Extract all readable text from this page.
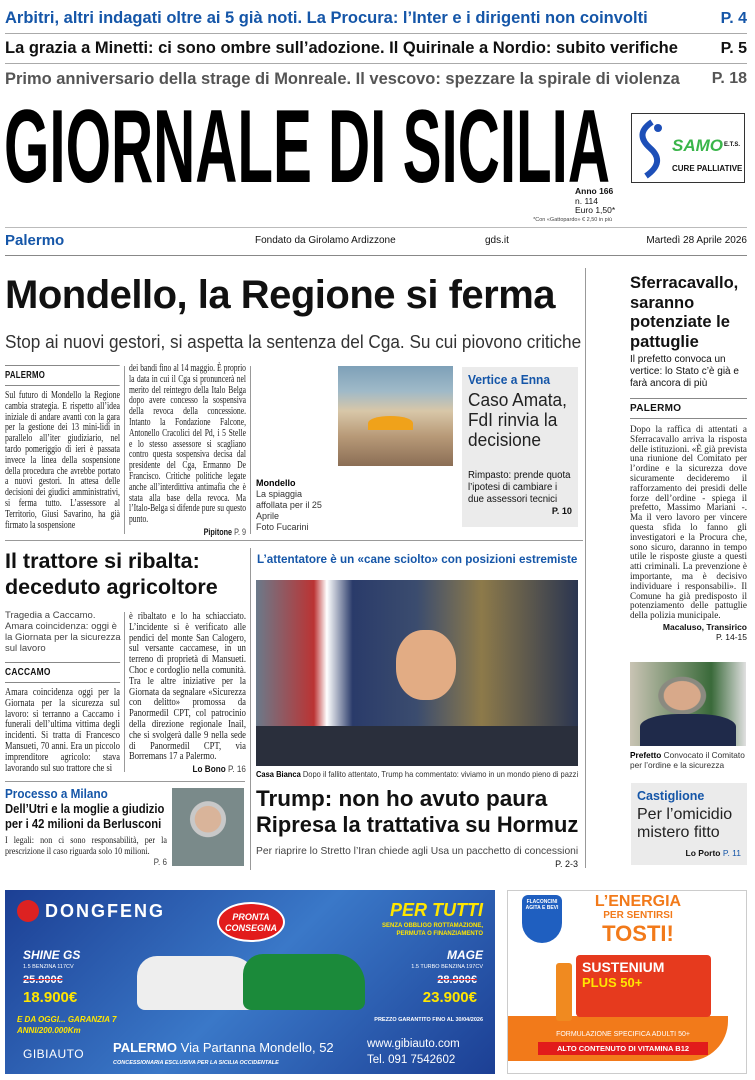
Arbitri, altri indagati oltre ai 5 già noti. La Procura: l’Inter e i dirigenti non coinvolti	P. 4
La grazia a Minetti: ci sono ombre sull’adozione. Il Quirinale a Nordio: subito verifiche	P. 5
Primo anniversario della strage di Monreale. Il vescovo: spezzare la spirale di violenza P. 18
GIORNALE DI SICILIA	SAMO E.T.S.
CURE PALLIATIVE
Anno 166
n. 114
Euro 1,50*
*Con «Gattopardo» € 2,50 in più
Palermo	Fondato da Girolamo Ardizzone	gds.it	Martedì 28 Aprile 2026
Mondello, la Regione si ferma
Stop ai nuovi gestori, si aspetta la sentenza del Cga. Su cui piovono critiche
PALERMO
Sul futuro di Mondello la Regione cambia strategia. E rispetto all’idea iniziale di andare avanti con la gara per la gestione dei 13 mini-lidi in parallelo all’iter giudiziario, nel tardo pomeriggio di ieri è passata invece la linea della sospensione della procedura che avrebbe portato a nuovi gestori. In attesa delle decisioni dei giudici amministrativi, si ferma tutto. L’assessore al Territorio, Giusi Savarino, ha già firmato la sospensione
dei bandi fino al 14 maggio. È proprio la data in cui il Cga si pronuncerà nel merito del reintegro della Italo Belga dopo avere concesso la sospensiva della revoca della concessione. Intanto la Fondazione Falcone, Antonello Cracolici del Pd, i 5 Stelle e lo stesso assessore si scagliano contro questa sospensiva decisa dal presidente del Cga, Ermanno De Francisco. Critiche politiche legate anche all’interdittiva antimafia che è stata alla base della revoca. Ma l’Italo-Belga si difende pure su questo punto.
Pipitone P. 9
Mondello
La spiaggia affollata per il 25 Aprile
Foto Fucarini
Vertice a Enna
Caso Amata, FdI rinvia la decisione
Rimpasto: prende quota l’ipotesi di cambiare i due assessori tecnici
P. 10
Il trattore si ribalta: deceduto agricoltore
Tragedia a Caccamo. Amara coincidenza: oggi è la Giornata per la sicurezza sul lavoro
CACCAMO
Amara coincidenza oggi per la Giornata per la sicurezza sul lavoro: si terranno a Caccamo i funerali dell’ultima vittima degli incidenti. Si tratta di Francesco Mansueti, 70 anni. Era un piccolo imprenditore agricolo: stava lavorando sul suo trattore che si
è ribaltato e lo ha schiacciato. L’incidente si è verificato alle pendici del monte San Calogero, sul versante caccamese, in un terreno di proprietà di Mansueti. Choc e cordoglio nella comunità. Tra le altre iniziative per la Giornata da segnalare «Sicurezza con delitto» promossa da Panormedil CPT, col patrocinio della direzione regionale Inail, che si svolgerà dalle 9 nella sede di Panormedil CPT, via Borremans 17 a Palermo.
Lo Bono P. 16
Processo a Milano
Dell’Utri e la moglie a giudizio per i 42 milioni da Berlusconi
I legali: non ci sono responsabilità, per la prescrizione il caso riguarda solo 10 milioni.
P. 6
L’attentatore è un «cane sciolto» con posizioni estremiste
Casa Bianca Dopo il fallito attentato, Trump ha commentato: viviamo in un mondo pieno di pazzi
Trump: non ho avuto paura
Ripresa la trattativa su Hormuz
Per riaprire lo Stretto l’Iran chiede agli Usa un pacchetto di concessioni
P. 2-3
Sferracavallo, saranno potenziate le pattuglie
Il prefetto convoca un vertice: lo Stato c’è già e farà ancora di più
PALERMO
Dopo la raffica di attentati a Sferracavallo arriva la risposta delle istituzioni. «È già prevista una riunione del Comitato per l’ordine e la sicurezza dove sicuramente decideremo il rafforzamento dei presidi delle forze dell’ordine - spiega il prefetto, Massimo Mariani -. Ma il vero lavoro per vincere questa sfida lo fanno gli investigatori e la Procura che, sono sicuro, daranno in tempo utile le risposte giuste a questi atti criminali. La prevenzione è importante, ma è decisivo individuare i responsabili». Il Comune ha già predisposto il potenziamento delle pattuglie della polizia municipale.
Macaluso, Transirico
P. 14-15
Prefetto Convocato il Comitato per l’ordine e la sicurezza
Castiglione
Per l’omicidio mistero fitto
Lo Porto P. 11
DONGFENG	PRONTA CONSEGNA
PER TUTTI
SENZA OBBLIGO ROTTAMAZIONE, PERMUTA O FINANZIAMENTO
SHINE GS
1.5 BENZINA 117CV
25.900€
18.900€
E DA OGGI... GARANZIA 7 ANNI/200.000Km
MAGE
1.5 TURBO BENZINA 197CV
28.900€
23.900€
PREZZO GARANTITO FINO AL 30/04/2026
GIBIAUTO PALERMO Via Partanna Mondello, 52
CONCESSIONARIA ESCLUSIVA PER LA SICILIA OCCIDENTALE
www.gibiauto.com
Tel. 091 7542602
FLACONCINI AGITA E BEVI	L’ENERGIA
PER SENTIRSI
TOSTI!
SUSTENIUM
PLUS 50+
FORMULAZIONE SPECIFICA ADULTI 50+
ALTO CONTENUTO DI VITAMINA B12
